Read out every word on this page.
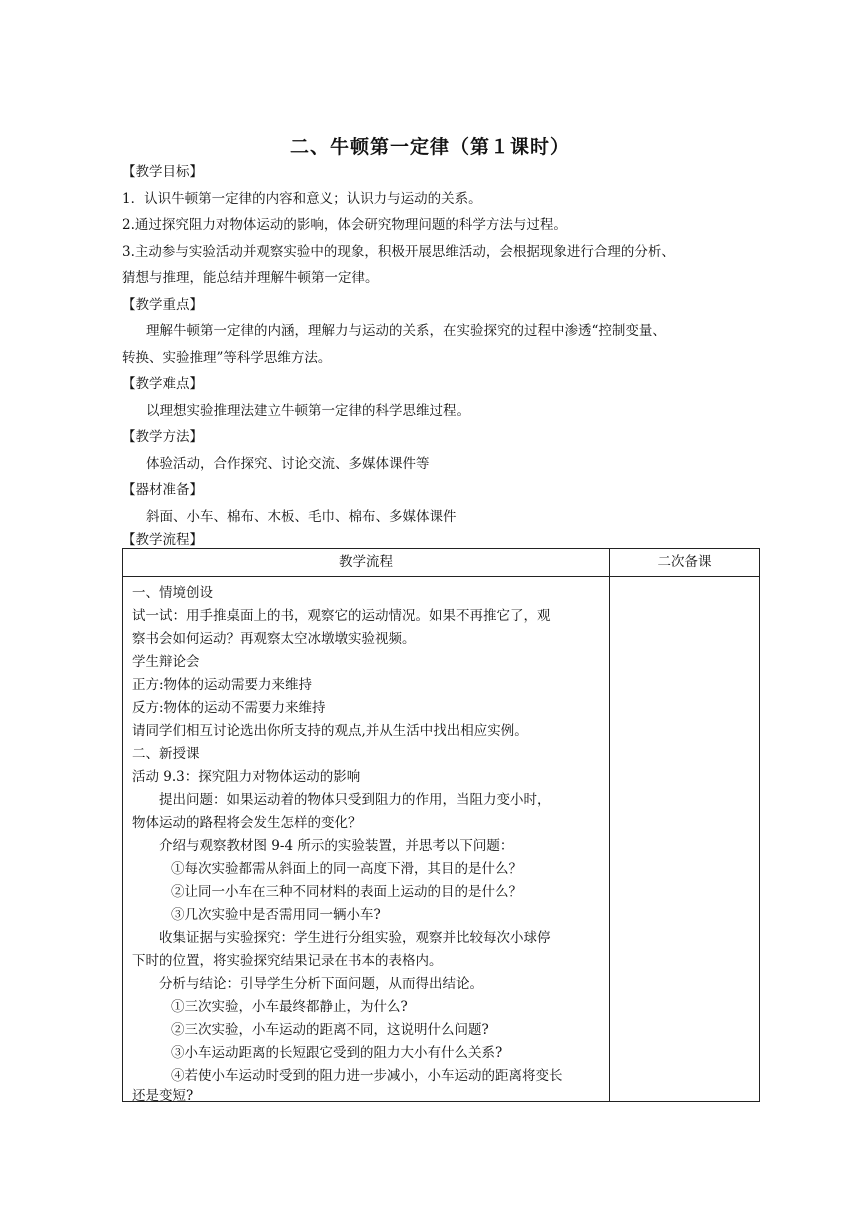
二、牛顿第一定律（第１课时）
【教学目标】
1．认识牛顿第一定律的内容和意义；认识力与运动的关系。
2.通过探究阻力对物体运动的影响，体会研究物理问题的科学方法与过程。
3.主动参与实验活动并观察实验中的现象，积极开展思维活动，会根据现象进行合理的分析、
猜想与推理，能总结并理解牛顿第一定律。
【教学重点】
理解牛顿第一定律的内涵，理解力与运动的关系，在实验探究的过程中渗透“控制变量、
转换、实验推理”等科学思维方法。
【教学难点】
以理想实验推理法建立牛顿第一定律的科学思维过程。
【教学方法】
体验活动，合作探究、讨论交流、多媒体课件等
【器材准备】
斜面、小车、棉布、木板、毛巾、棉布、多媒体课件
【教学流程】
教学流程	二次备课
一、情境创设
试一试：用手推桌面上的书，观察它的运动情况。如果不再推它了，观
察书会如何运动？再观察太空冰墩墩实验视频。
学生辩论会
正方:物体的运动需要力来维持
反方:物体的运动不需要力来维持
请同学们相互讨论选出你所支持的观点,并从生活中找出相应实例。
二、新授课
活动 9.3：探究阻力对物体运动的影响
提出问题：如果运动着的物体只受到阻力的作用，当阻力变小时，
物体运动的路程将会发生怎样的变化？
介绍与观察教材图 9-4 所示的实验装置，并思考以下问题：
①每次实验都需从斜面上的同一高度下滑，其目的是什么？
②让同一小车在三种不同材料的表面上运动的目的是什么？
③几次实验中是否需用同一辆小车?
收集证据与实验探究：学生进行分组实验，观察并比较每次小球停
下时的位置，将实验探究结果记录在书本的表格内。
分析与结论：引导学生分析下面问题，从而得出结论。
①三次实验，小车最终都静止，为什么?
②三次实验，小车运动的距离不同，这说明什么问题?
③小车运动距离的长短跟它受到的阻力大小有什么关系?
④若使小车运动时受到的阻力进一步减小，小车运动的距离将变长
还是变短?
